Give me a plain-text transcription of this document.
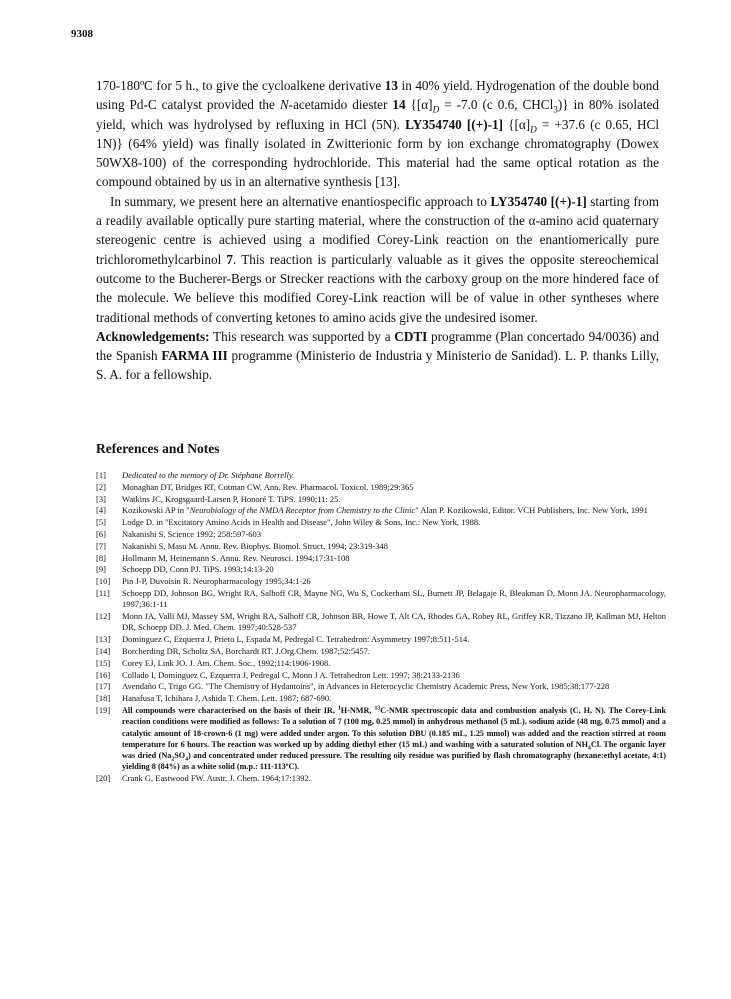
9308

170-180ºC for 5 h., to give the cycloalkene derivative 13 in 40% yield. Hydrogenation of the double bond using Pd-C catalyst provided the N-acetamido diester 14 {$[\alpha]_D = -7.0$ (c 0.6, CHCl$_3$)} in 80% isolated yield, which was hydrolysed by refluxing in HCl (5N). LY354740 [(+)-1] {$[\alpha]_D = +37.6$ (c 0.65, HCl 1N)} (64% yield) was finally isolated in Zwitterionic form by ion exchange chromatography (Dowex 50WX8-100) of the corresponding hydrochloride. This material had the same optical rotation as the compound obtained by us in an alternative synthesis [13].

In summary, we present here an alternative enantiospecific approach to LY354740 [(+)-1] starting from a readily available optically pure starting material, where the construction of the α-amino acid quaternary stereogenic centre is achieved using a modified Corey-Link reaction on the enantiomerically pure trichloromethylcarbinol 7. This reaction is particularly valuable as it gives the opposite stereochemical outcome to the Bucherer-Bergs or Strecker reactions with the carboxy group on the more hindered face of the molecule. We believe this modified Corey-Link reaction will be of value in other syntheses where traditional methods of converting ketones to amino acids give the undesired isomer.

Acknowledgements: This research was supported by a CDTI programme (Plan concertado 94/0036) and the Spanish FARMA III programme (Ministerio de Industria y Ministerio de Sanidad). L. P. thanks Lilly, S. A. for a fellowship.

References and Notes
[1]	Dedicated to the memory of Dr. Stéphane Borrelly.
[2]	Monaghan DT, Bridges RT, Cotman CW. Ann. Rev. Pharmacol. Toxicol. 1989;29:365
[3]	Watkins JC, Krogsgaard-Larsen P, Honoré T. TiPS. 1990;11: 25.
[4]	Kozikowski AP in "Neurobiology of the NMDA Receptor from Chemistry to the Clinic" Alan P. Kozikowski, Editor. VCH Publishers, Inc. New York, 1991
[5]	Lodge D. in "Excitatory Amino Acids in Health and Disease", John Wiley & Sons, Inc.: New York, 1988.
[6]	Nakanishi S. Science 1992; 258:597-603
[7]	Nakanishi S, Masu M. Annu. Rev. Biophys. Biomol. Struct. 1994; 23:319-348
[8]	Hollmann M, Heinemann S. Annu. Rev. Neurosci. 1994;17:31-108
[9]	Schoepp DD, Conn PJ. TiPS. 1993;14:13-20
[10]	Pin J-P, Duvoisin R. Neuropharmacology 1995;34:1-26
[11]	Schoepp DD, Johnson BG, Wright RA, Salhoff CR, Mayne NG, Wu S, Cockerham SL, Burnett JP, Belagaje R, Bleakman D, Monn JA. Neuropharmacology, 1997;36:1-11
[12]	Monn JA, Valli MJ, Massey SM, Wright RA, Salhoff CR, Johnson BR, Howe T, Alt CA, Rhodes GA, Robey RL, Griffey KR, Tizzano JP, Kallman MJ, Helton DR, Schoepp DD. J. Med. Chem. 1997;40:528-537
[13]	Domínguez C, Ezquerra J, Prieto L, Espada M, Pedregal C. Tetrahedron: Asymmetry 1997;8:511-514.
[14]	Borcherding DR, Scholtz SA, Borchardt RT. J.Org.Chem. 1987;52:5457.
[15]	Corey EJ, Link JO. J. Am. Chem. Soc., 1992;114:1906-1908.
[16]	Collado I, Domínguez C, Ezquerra J, Pedregal C, Monn J A. Tetrahedron Lett. 1997; 38:2133-2136
[17]	Avendaño C, Trigo GG. "The Chemistry of Hydantoins", in Advances in Heterocyclic Chemistry Academic Press, New York, 1985;38:177-228
[18]	Hanafusa T, Ichihara J, Ashida T. Chem. Lett. 1987; 687-690.
[19]	All compounds were characterised on the basis of their IR, $^1$H-NMR, $^{13}$C-NMR spectroscopic data and combustion analysis (C, H, N). The Corey-Link reaction conditions were modified as follows: To a solution of 7 (100 mg, 0.25 mmol) in anhydrous methanol (5 mL), sodium azide (48 mg, 0.75 mmol) and a catalytic amount of 18-crown-6 (1 mg) were added under argon. To this solution DBU (0.185 mL, 1.25 mmol) was added and the reaction stirred at room temperature for 6 hours. The reaction was worked up by adding diethyl ether (15 mL) and washing with a saturated solution of $NH_4Cl$. The organic layer was dried $(Na_2SO_4)$ and concentrated under reduced pressure. The resulting oily residue was purified by flash chromatography (hexane:ethyl acetate, 4:1) yielding 8 (84%) as a white solid (m.p.: 111-113ºC).
[20]	Crank G, Eastwood FW. Austr. J. Chem. 1964;17:1392.
